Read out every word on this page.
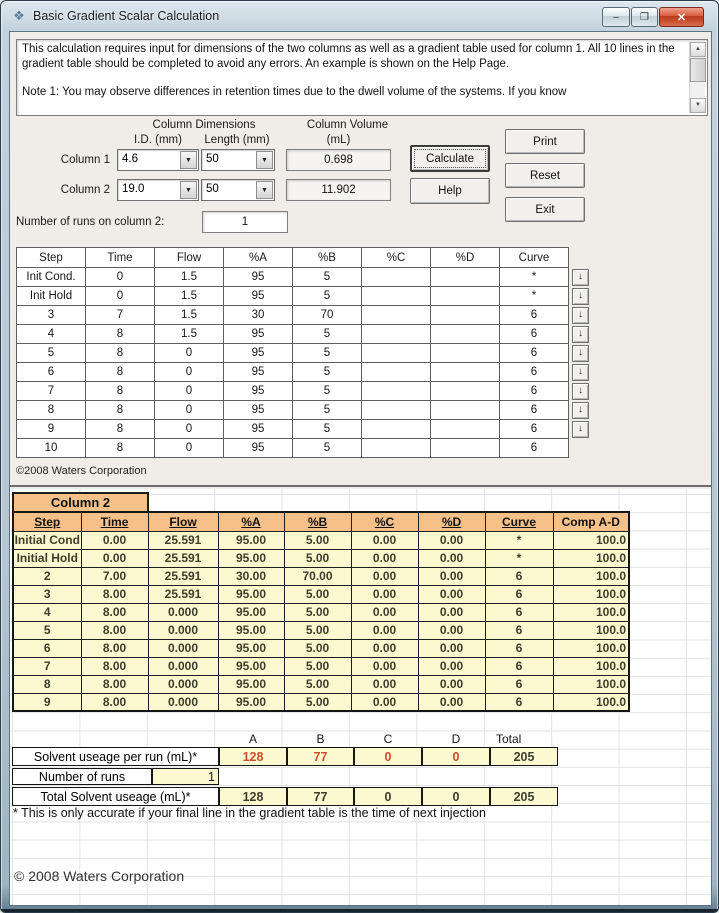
❖ Basic Gradient Scalar Calculation	– ❐	✕

This calculation requires input for dimensions of the two columns as well as a gradient table used for column 1. All 10 lines in the gradient table should be completed to avoid any errors. An example is shown on the Help Page.

Note 1: You may observe differences in retention times due to the dwell volume of the systems. If you know

▲
▼
Column Dimensions	Column Volume
I.D. (mm)	Length (mm)	(mL)
Column 1 4.6	▼	50	▼	0.698
Column 2 19.0	▼	50	▼	11.902
Calculate
Help
Print
Reset
Exit
Number of runs on column 2:
1
Step	Time	Flow	%A	%B	%C	%D	Curve	
Init Cond.	0	1.5	95	5			*	↓
Init Hold	0	1.5	95	5			*	↓
3	7	1.5	30	70			6	↓
4	8	1.5	95	5			6	↓
5	8	0	95	5			6	↓
6	8	0	95	5			6	↓
7	8	0	95	5			6	↓
8	8	0	95	5			6	↓
9	8	0	95	5			6	↓
10	8	0	95	5			6	
©2008 Waters Corporation
Column 2
Step	Time	Flow	%A	%B	%C	%D	Curve	Comp A-D
Initial Cond	0.00	25.591	95.00	5.00	0.00	0.00	*	100.0
Initial Hold	0.00	25.591	95.00	5.00	0.00	0.00	*	100.0
2	7.00	25.591	30.00	70.00	0.00	0.00	6	100.0
3	8.00	25.591	95.00	5.00	0.00	0.00	6	100.0
4	8.00	0.000	95.00	5.00	0.00	0.00	6	100.0
5	8.00	0.000	95.00	5.00	0.00	0.00	6	100.0
6	8.00	0.000	95.00	5.00	0.00	0.00	6	100.0
7	8.00	0.000	95.00	5.00	0.00	0.00	6	100.0
8	8.00	0.000	95.00	5.00	0.00	0.00	6	100.0
9	8.00	0.000	95.00	5.00	0.00	0.00	6	100.0
A	B	C	D	Total
Solvent useage per run (mL)*	128	77	0	0	205
Number of runs	1
Total Solvent useage (mL)*	128	77	0	0	205
* This is only accurate if your final line in the gradient table is the time of next injection
© 2008 Waters Corporation
